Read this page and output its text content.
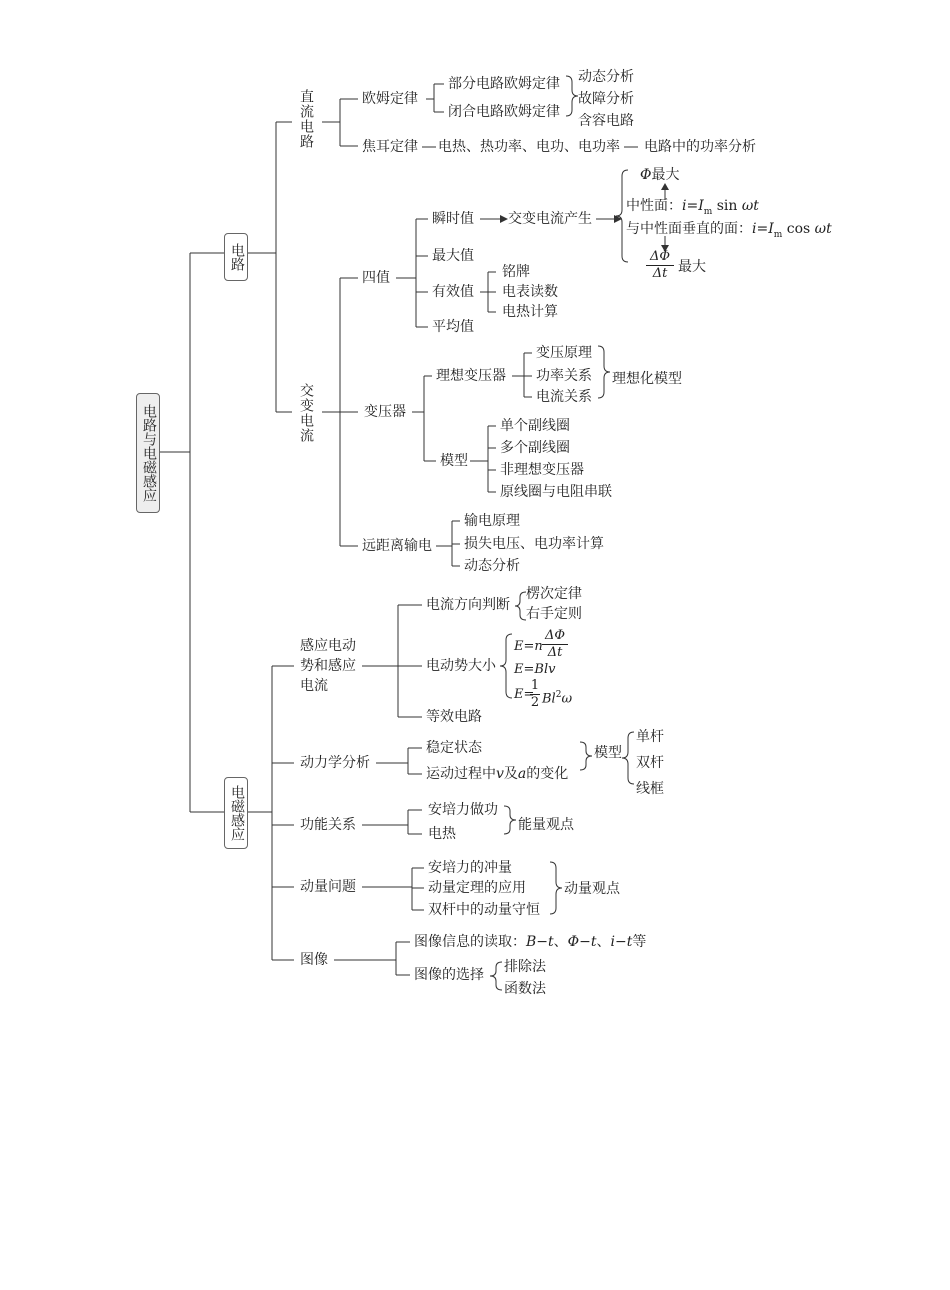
电路与电磁感应
电路
电磁感应
直流电路
交变电流
欧姆定律
部分电路欧姆定律
闭合电路欧姆定律
动态分析
故障分析
含容电路
焦耳定律 电热、热功率、电功、电功率 电路中的功率分析
四值
瞬时值 交变电流产生
Φ最大
中性面：$i=I_m$ sin ωt
与中性面垂直的面：$i=I_m$ cos ωt
ΔΦ
Δt 最大
最大值
有效值
铭牌
电表读数
电热计算
平均值
变压器
理想变压器
变压原理
功率关系
电流关系
理想化模型
模型
单个副线圈
多个副线圈
非理想变压器
原线圈与电阻串联
远距离输电
输电原理
损失电压、电功率计算
动态分析
感应电动
势和感应
电流
电流方向判断
楞次定律
右手定则
电动势大小
E=n
ΔΦ
Δt
E=Blv
E=
1
2 Bl$^2$ω
等效电路
动力学分析
稳定状态
运动过程中v及a的变化
模型
单杆
双杆
线框
功能关系
安培力做功
电热
能量观点
动量问题
安培力的冲量
动量定理的应用
双杆中的动量守恒
动量观点
图像
图像信息的读取：B−t、Φ−t、i−t等
图像的选择 排除法
函数法
